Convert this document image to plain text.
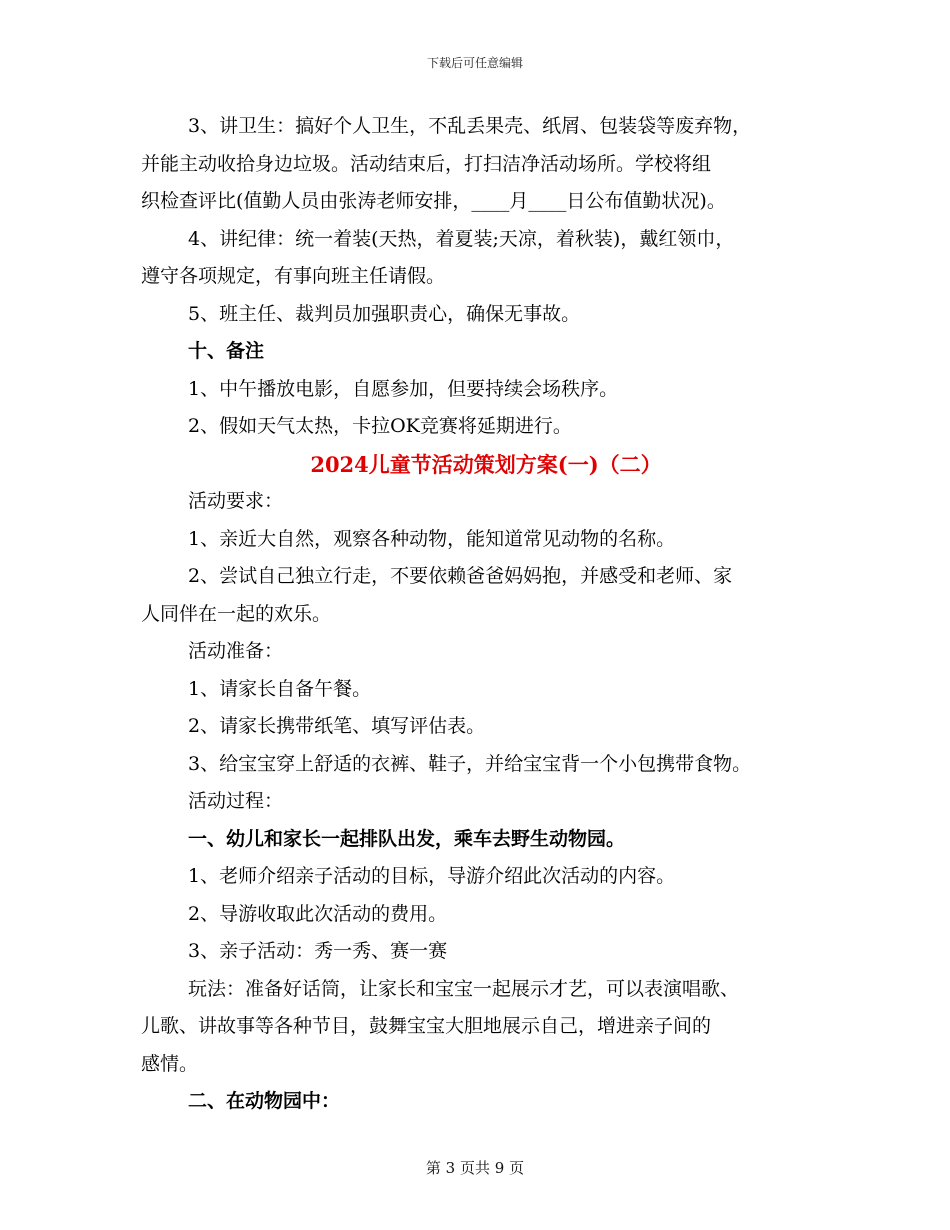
下载后可任意编辑

3、讲卫生：搞好个人卫生，不乱丢果壳、纸屑、包装袋等废弃物，

并能主动收拾身边垃圾。活动结束后，打扫洁净活动场所。学校将组

织检查评比(值勤人员由张涛老师安排，____月____日公布值勤状况)。

4、讲纪律：统一着装(天热，着夏装;天凉，着秋装)，戴红领巾，

遵守各项规定，有事向班主任请假。

5、班主任、裁判员加强职责心，确保无事故。

十、备注

1、中午播放电影，自愿参加，但要持续会场秩序。

2、假如天气太热，卡拉OK竞赛将延期进行。

2024儿童节活动策划方案(一)（二）

活动要求：

1、亲近大自然，观察各种动物，能知道常见动物的名称。

2、尝试自己独立行走，不要依赖爸爸妈妈抱，并感受和老师、家

人同伴在一起的欢乐。

活动准备：

1、请家长自备午餐。

2、请家长携带纸笔、填写评估表。

3、给宝宝穿上舒适的衣裤、鞋子，并给宝宝背一个小包携带食物。

活动过程：

一、幼儿和家长一起排队出发，乘车去野生动物园。

1、老师介绍亲子活动的目标，导游介绍此次活动的内容。

2、导游收取此次活动的费用。

3、亲子活动：秀一秀、赛一赛

玩法：准备好话筒，让家长和宝宝一起展示才艺，可以表演唱歌、

儿歌、讲故事等各种节目，鼓舞宝宝大胆地展示自己，增进亲子间的

感情。

二、在动物园中：

第 3 页共 9 页
